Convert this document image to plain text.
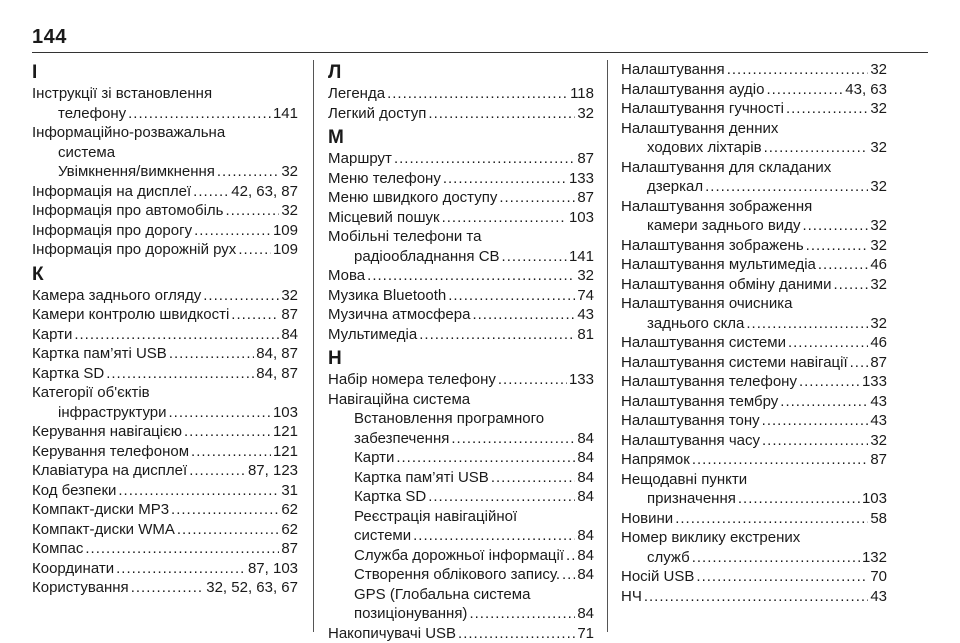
144
І
Інструкції зі встановлення
телефону .....	141
Інформаційно-розважальна
система
Увімкнення/вимкнення .....	32
Інформація на дисплеї .....	42, 63, 87
Інформація про автомобіль .....	32
Інформація про дорогу .....	109
Інформація про дорожній рух ..... 109
К
Камера заднього огляду .....	32
Камери контролю швидкості .....	87
Карти .....	84
Картка пам’яті USB .....	84, 87
Картка SD .....	84, 87
Категорії об'єктів
інфраструктури .....	103
Керування навігацією .....	121
Керування телефоном .....	121
Клавіатура на дисплеї .....	87, 123
Код безпеки .....	31
Компакт-диски MP3 .....	62
Компакт-диски WMA .....	62
Компас .....	87
Координати .....	87, 103
Користування .....	32, 52, 63, 67
Л
Легенда .....	118
Легкий доступ .....	32
М
Маршрут .....	87
Меню телефону .....	133
Меню швидкого доступу .....	87
Місцевий пошук .....	103
Мобільні телефони та
радіообладнання CB .....	141
Мова .....	32
Музика Bluetooth .....	74
Музична атмосфера .....	43
Мультимедіа .....	81
Н
Набір номера телефону .....	133
Навігаційна система
Встановлення програмного
забезпечення .....	84
Карти .....	84
Картка пам’яті USB .....	84
Картка SD .....	84
Реєстрація навігаційної
системи .....	84
Служба дорожньої інформації ..... 84
Створення облікового запису. ..... 84
GPS (Глобальна система
позиціонування) .....	84
Накопичувачі USB .....	71
Налаштування .....	32
Налаштування аудіо .....	43, 63
Налаштування гучності .....	32
Налаштування денних
ходових ліхтарів .....	32
Налаштування для складаних
дзеркал .....	32
Налаштування зображення
камери заднього виду .....	32
Налаштування зображень .....	32
Налаштування мультимедіа .....	46
Налаштування обміну даними .....	32
Налаштування очисника
заднього скла .....	32
Налаштування системи .....	46
Налаштування системи навігації ..... 87
Налаштування телефону .....	133
Налаштування тембру .....	43
Налаштування тону .....	43
Налаштування часу .....	32
Напрямок .....	87
Нещодавні пункти
призначення .....	103
Новини .....	58
Номер виклику екстрених
служб .....	132
Носій USB .....	70
НЧ .....	43
